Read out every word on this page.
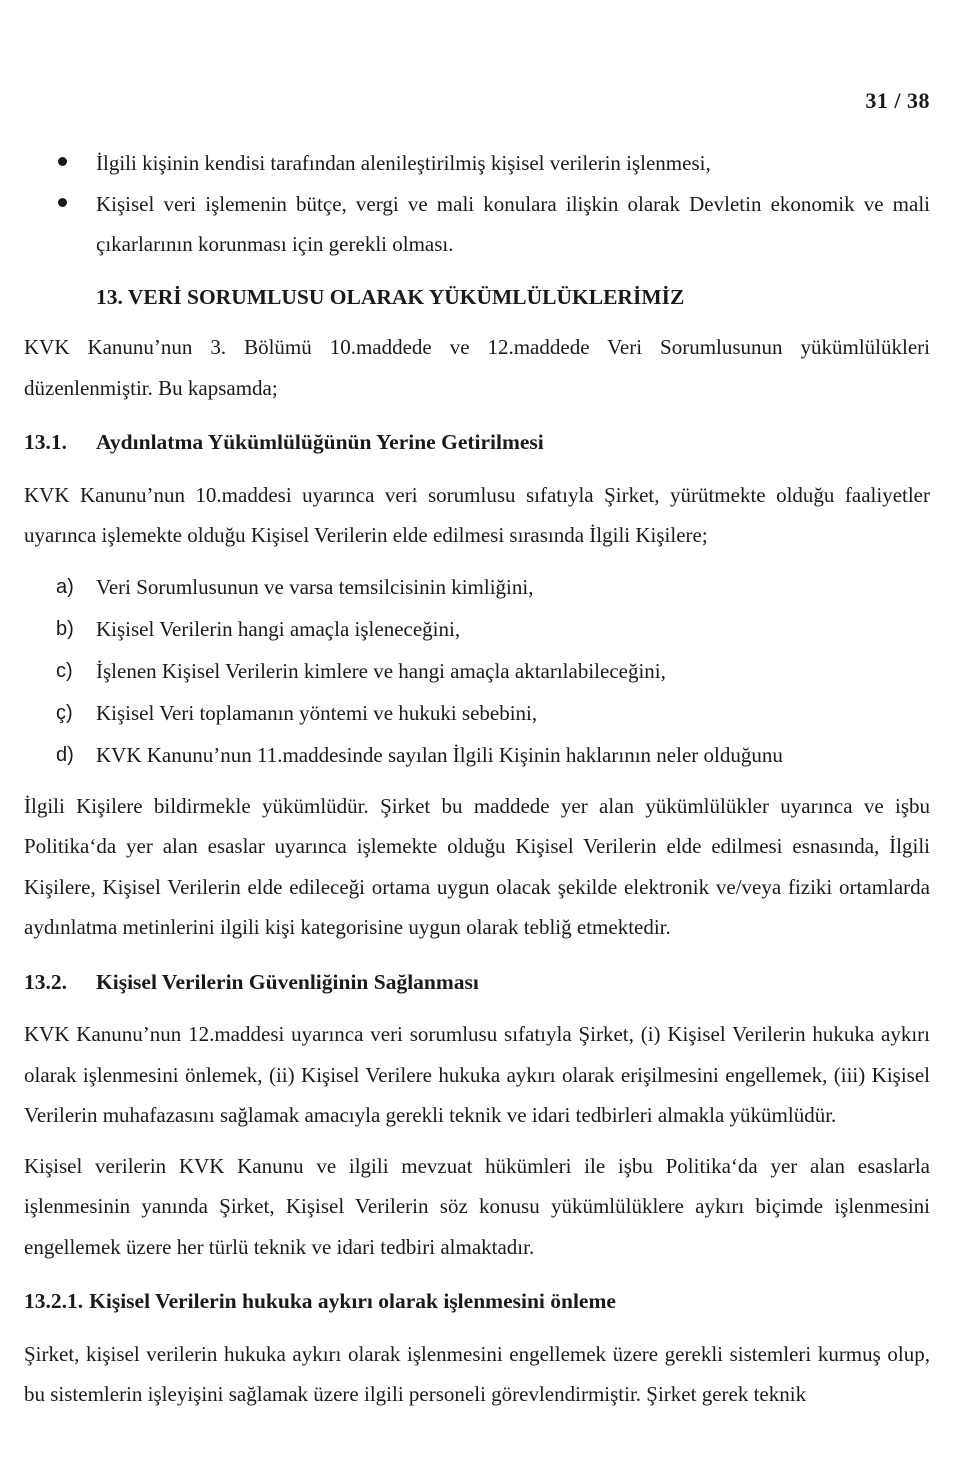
31 / 38
İlgili kişinin kendisi tarafından alenileştirilmiş kişisel verilerin işlenmesi,
Kişisel veri işlemenin bütçe, vergi ve mali konulara ilişkin olarak Devletin ekonomik ve mali çıkarlarının korunması için gerekli olması.

13. VERİ SORUMLUSU OLARAK YÜKÜMLÜLÜKLERİMİZ

KVK Kanunu’nun 3. Bölümü 10.maddede ve 12.maddede Veri Sorumlusunun yükümlülükleri düzenlenmiştir. Bu kapsamda;

13.1.	Aydınlatma Yükümlülüğünün Yerine Getirilmesi

KVK Kanunu’nun 10.maddesi uyarınca veri sorumlusu sıfatıyla Şirket, yürütmekte olduğu faaliyetler uyarınca işlemekte olduğu Kişisel Verilerin elde edilmesi sırasında İlgili Kişilere;

a) Veri Sorumlusunun ve varsa temsilcisinin kimliğini,
b) Kişisel Verilerin hangi amaçla işleneceğini,
c) İşlenen Kişisel Verilerin kimlere ve hangi amaçla aktarılabileceğini,
ç) Kişisel Veri toplamanın yöntemi ve hukuki sebebini,
d) KVK Kanunu’nun 11.maddesinde sayılan İlgili Kişinin haklarının neler olduğunu

İlgili Kişilere bildirmekle yükümlüdür. Şirket bu maddede yer alan yükümlülükler uyarınca ve işbu Politika‘da yer alan esaslar uyarınca işlemekte olduğu Kişisel Verilerin elde edilmesi esnasında, İlgili Kişilere, Kişisel Verilerin elde edileceği ortama uygun olacak şekilde elektronik ve/veya fiziki ortamlarda aydınlatma metinlerini ilgili kişi kategorisine uygun olarak tebliğ etmektedir.

13.2.	Kişisel Verilerin Güvenliğinin Sağlanması

KVK Kanunu’nun 12.maddesi uyarınca veri sorumlusu sıfatıyla Şirket, (i) Kişisel Verilerin hukuka aykırı olarak işlenmesini önlemek, (ii) Kişisel Verilere hukuka aykırı olarak erişilmesini engellemek, (iii) Kişisel Verilerin muhafazasını sağlamak amacıyla gerekli teknik ve idari tedbirleri almakla yükümlüdür.

Kişisel verilerin KVK Kanunu ve ilgili mevzuat hükümleri ile işbu Politika‘da yer alan esaslarla işlenmesinin yanında Şirket, Kişisel Verilerin söz konusu yükümlülüklere aykırı biçimde işlenmesini engellemek üzere her türlü teknik ve idari tedbiri almaktadır.

13.2.1. Kişisel Verilerin hukuka aykırı olarak işlenmesini önleme

Şirket, kişisel verilerin hukuka aykırı olarak işlenmesini engellemek üzere gerekli sistemleri kurmuş olup, bu sistemlerin işleyişini sağlamak üzere ilgili personeli görevlendirmiştir. Şirket gerek teknik
